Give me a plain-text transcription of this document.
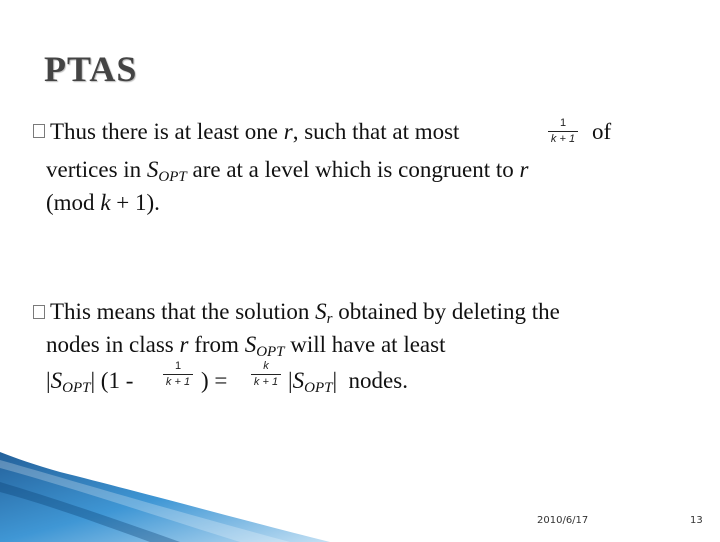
PTAS
Thus there is at least one r, such that at most	1
k + 1 of
vertices in $S_{OPT}$ are at a level which is congruent to r
(mod k + 1).
This means that the solution $S_r$ obtained by deleting the
nodes in class r from $S_{OPT}$ will have at least
$|S_{OPT}|$ (1 -
1
k + 1 ) =
k
k + 1 $|S_{OPT}|$  nodes.
2010/6/17	13
